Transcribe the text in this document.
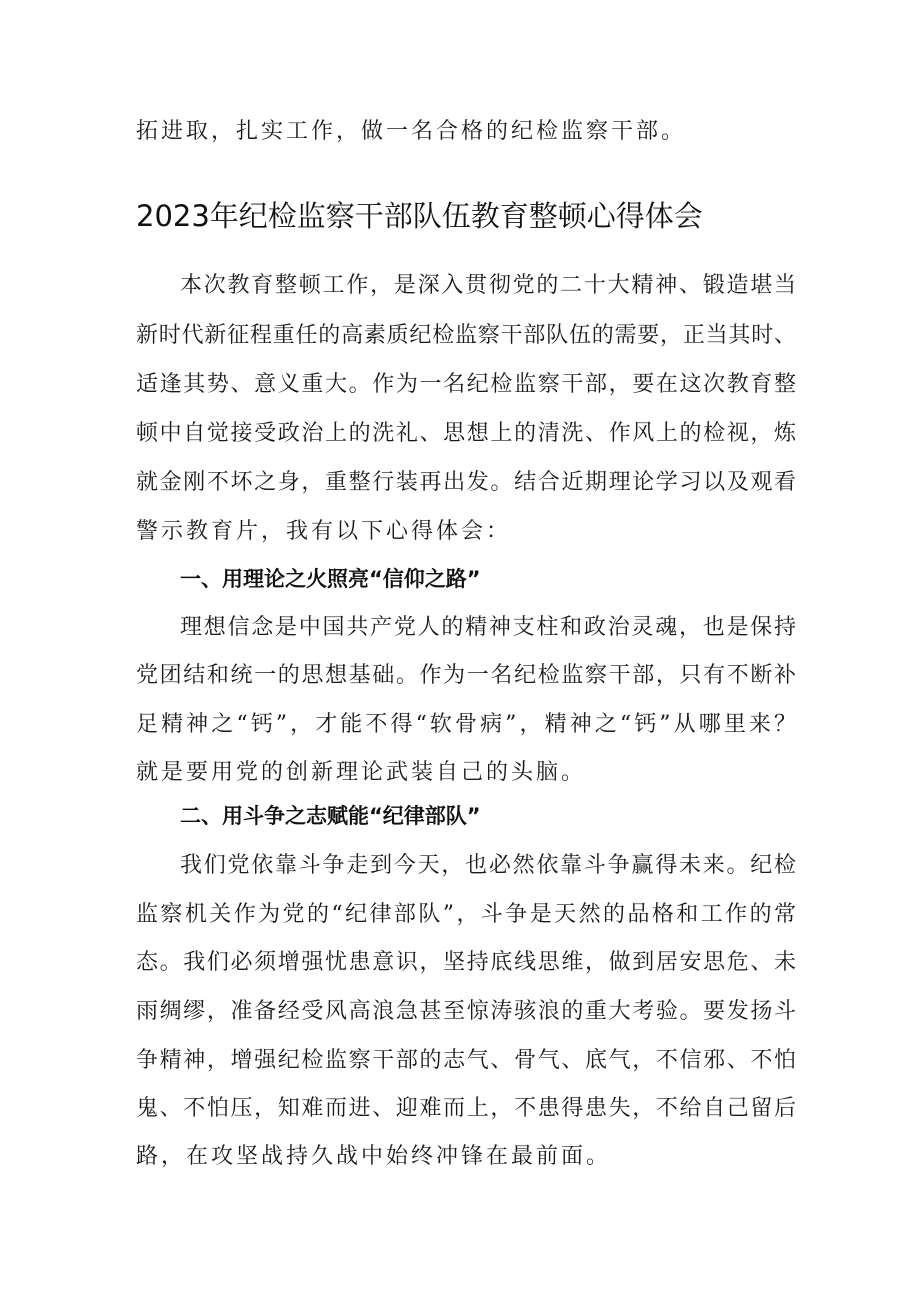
拓进取，扎实工作，做一名合格的纪检监察干部。
2023年纪检监察干部队伍教育整顿心得体会
本次教育整顿工作，是深入贯彻党的二十大精神、锻造堪当
新时代新征程重任的高素质纪检监察干部队伍的需要，正当其时、
适逢其势、意义重大。作为一名纪检监察干部，要在这次教育整
顿中自觉接受政治上的洗礼、思想上的清洗、作风上的检视，炼
就金刚不坏之身，重整行装再出发。结合近期理论学习以及观看
警示教育片，我有以下心得体会：
一、用理论之火照亮“信仰之路”
理想信念是中国共产党人的精神支柱和政治灵魂，也是保持
党团结和统一的思想基础。作为一名纪检监察干部，只有不断补
足精神之“钙”，才能不得“软骨病”，精神之“钙”从哪里来？
就是要用党的创新理论武装自己的头脑。
二、用斗争之志赋能“纪律部队”
我们党依靠斗争走到今天，也必然依靠斗争赢得未来。纪检
监察机关作为党的“纪律部队”，斗争是天然的品格和工作的常
态。我们必须增强忧患意识，坚持底线思维，做到居安思危、未
雨绸缪，准备经受风高浪急甚至惊涛骇浪的重大考验。要发扬斗
争精神，增强纪检监察干部的志气、骨气、底气，不信邪、不怕
鬼、不怕压，知难而进、迎难而上，不患得患失，不给自己留后
路，在攻坚战持久战中始终冲锋在最前面。
